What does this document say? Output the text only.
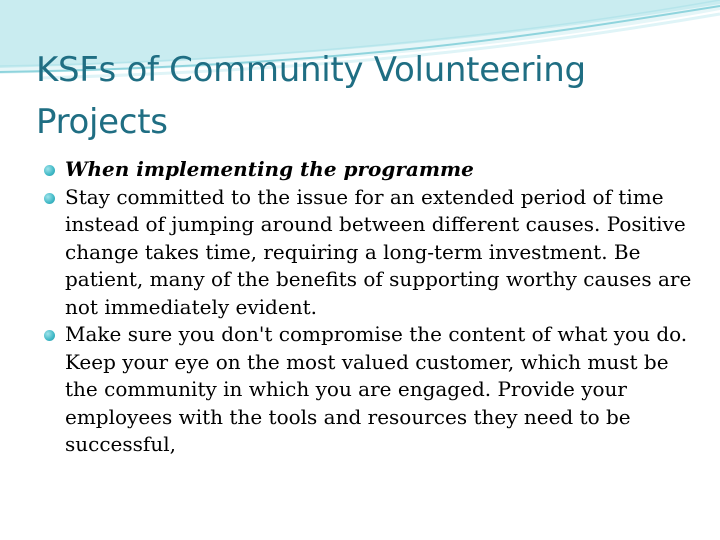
KSFs of Community Volunteering Projects
When implementing the programme
Stay committed to the issue for an extended period of time instead of jumping around between different causes. Positive change takes time, requiring a long-term investment. Be patient, many of the benefits of supporting worthy causes are not immediately evident.
Make sure you don't compromise the content of what you do. Keep your eye on the most valued customer, which must be the community in which you are engaged. Provide your employees with the tools and resources they need to be successful,
